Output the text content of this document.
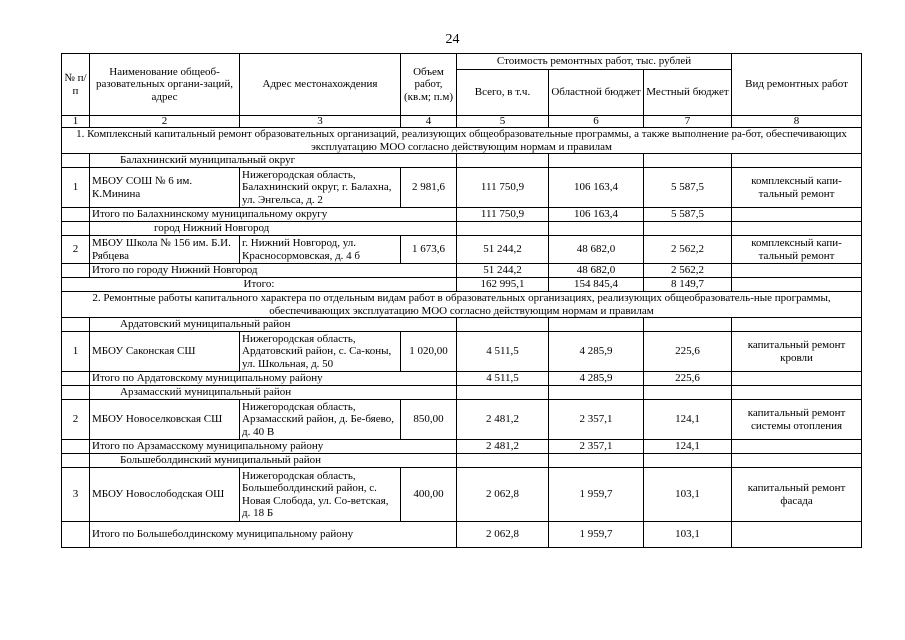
24
№ п/п	Наименование общеоб-разовательных органи-заций, адрес	Адрес местонахождения	Объем работ, (кв.м; п.м)	Стоимость ремонтных работ, тыс. рублей			Вид ремонтных работ
				Всего, в т.ч.	Областной бюджет	Местный бюджет	
1	2	3	4	5	6	7	8
1. Комплексный капитальный ремонт образовательных организаций, реализующих общеобразовательные программы, а также выполнение ра-бот, обеспечивающих эксплуатацию МОО согласно действующим нормам и правилам							
	Балахнинский муниципальный округ						
1	МБОУ СОШ № 6 им. К.Минина	Нижегородская область, Балахнинский округ, г. Балахна, ул. Энгельса, д. 2	2 981,6	111 750,9	106 163,4	5 587,5	комплексный капи-тальный ремонт
	Итого по Балахнинскому муниципальному округу			111 750,9	106 163,4	5 587,5	
	город Нижний Новгород						
2	МБОУ Школа № 156 им. Б.И. Рябцева	г. Нижний Новгород, ул. Красносормовская, д. 4 б	1 673,6	51 244,2	48 682,0	2 562,2	комплексный капи-тальный ремонт
	Итого по городу Нижний Новгород			51 244,2	48 682,0	2 562,2	
Итого:				162 995,1	154 845,4	8 149,7	
2. Ремонтные работы капитального характера по отдельным видам работ в образовательных организациях, реализующих общеобразователь-ные программы, обеспечивающих эксплуатацию МОО согласно действующим нормам и правилам							
	Ардатовский муниципальный район						
1	МБОУ Саконская СШ	Нижегородская область, Ардатовский район, с. Са-коны, ул. Школьная, д. 50	1 020,00	4 511,5	4 285,9	225,6	капитальный ремонт кровли
	Итого по Ардатовскому муниципальному району			4 511,5	4 285,9	225,6	
	Арзамасский муниципальный район						
2	МБОУ Новоселковская СШ	Нижегородская область, Арзамасский район, д. Бе-бяево, д. 40 В	850,00	2 481,2	2 357,1	124,1	капитальный ремонт системы отопления
	Итого по Арзамасскому муниципальному району			2 481,2	2 357,1	124,1	
	Большеболдинский муниципальный район						
3	МБОУ Новослободская ОШ	Нижегородская область, Большеболдинский район, с. Новая Слобода, ул. Со-ветская, д. 18 Б	400,00	2 062,8	1 959,7	103,1	капитальный ремонт фасада
	Итого по Большеболдинскому муниципальному району			2 062,8	1 959,7	103,1	
